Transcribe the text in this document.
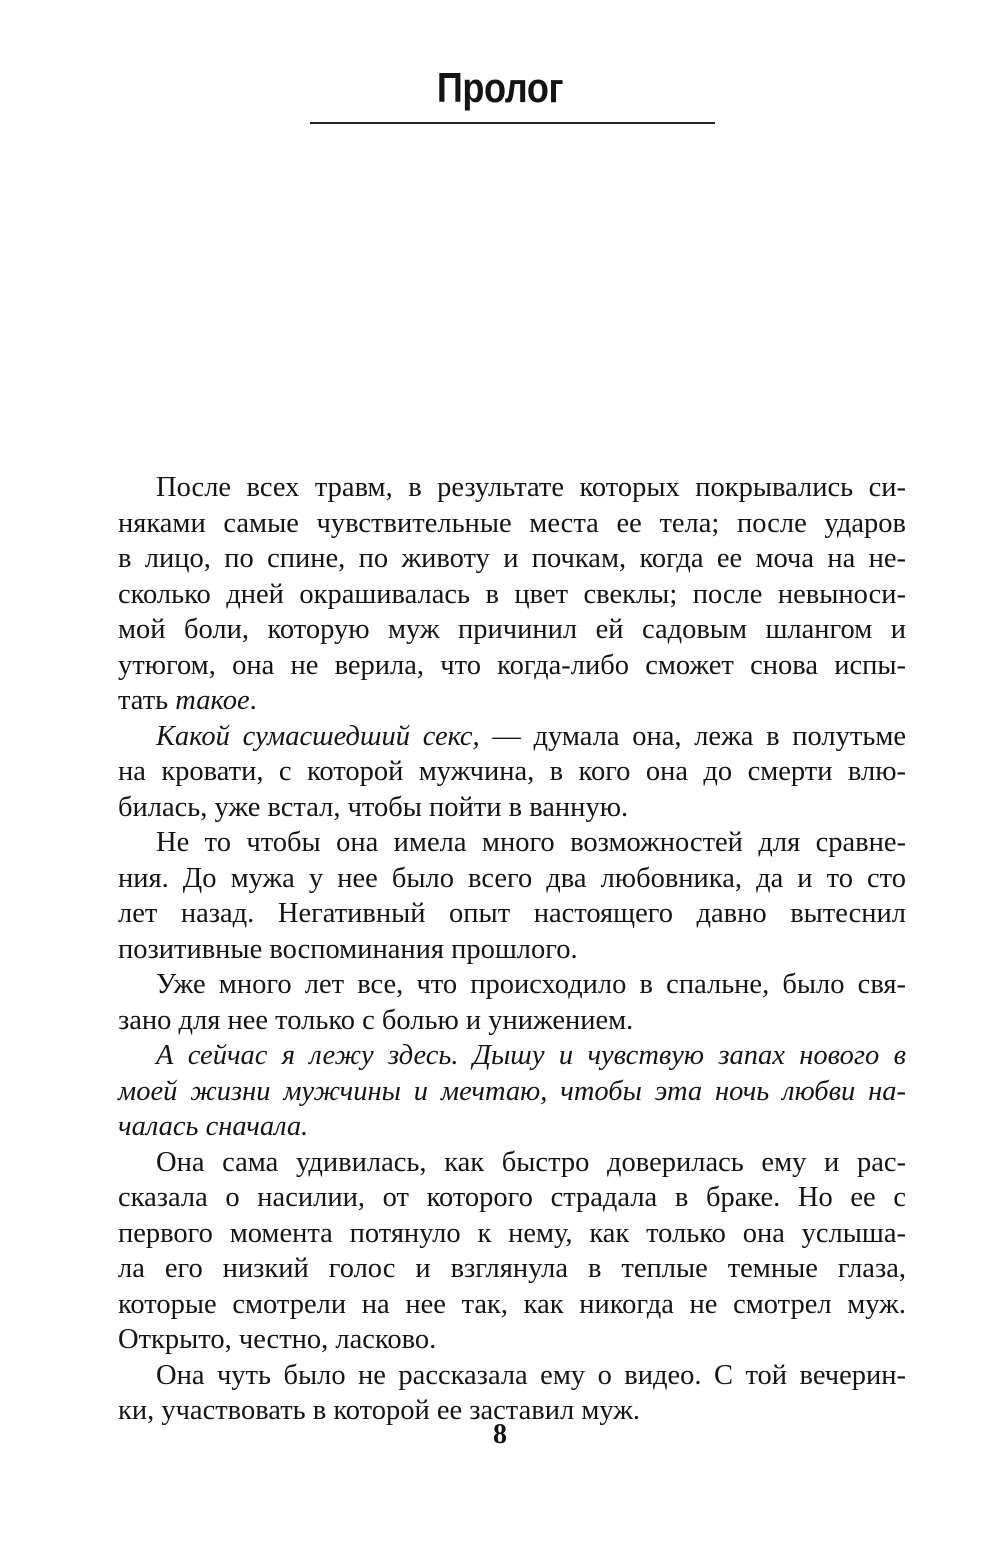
Пролог
После всех травм, в результате которых покрывались си-
няками самые чувствительные места ее тела; после ударов
в лицо, по спине, по животу и почкам, когда ее моча на не-
сколько дней окрашивалась в цвет свеклы; после невыноси-
мой боли, которую муж причинил ей садовым шлангом и
утюгом, она не верила, что когда-либо сможет снова испы-
тать такое.
Какой сумасшедший секс, — думала она, лежа в полутьме
на кровати, с которой мужчина, в кого она до смерти влю-
билась, уже встал, чтобы пойти в ванную.
Не то чтобы она имела много возможностей для сравне-
ния. До мужа у нее было всего два любовника, да и то сто
лет назад. Негативный опыт настоящего давно вытеснил
позитивные воспоминания прошлого.
Уже много лет все, что происходило в спальне, было свя-
зано для нее только с болью и унижением.
А сейчас я лежу здесь. Дышу и чувствую запах нового в
моей жизни мужчины и мечтаю, чтобы эта ночь любви на-
чалась сначала.
Она сама удивилась, как быстро доверилась ему и рас-
сказала о насилии, от которого страдала в браке. Но ее с
первого момента потянуло к нему, как только она услыша-
ла его низкий голос и взглянула в теплые темные глаза,
которые смотрели на нее так, как никогда не смотрел муж.
Открыто, честно, ласково.
Она чуть было не рассказала ему о видео. С той вечерин-
ки, участвовать в которой ее заставил муж.
8
